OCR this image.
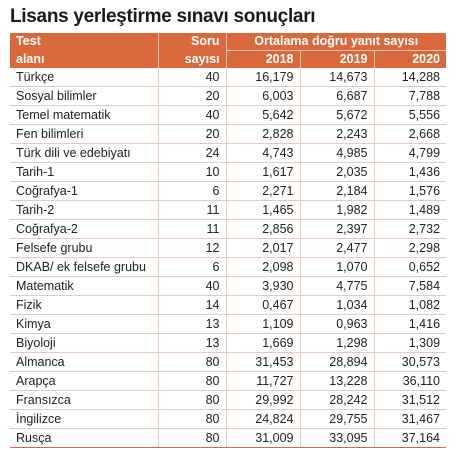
Lisans yerleştirme sınavı sonuçları
Test	Soru	Ortalama doğru yanıt sayısı		
alanı	sayısı	2018	2019	2020
Türkçe	40	16,179	14,673	14,288
Sosyal bilimler	20	6,003	6,687	7,788
Temel matematik	40	5,642	5,672	5,556
Fen bilimleri	20	2,828	2,243	2,668
Türk dili ve edebiyatı	24	4,743	4,985	4,799
Tarih-1	10	1,617	2,035	1,436
Coğrafya-1	6	2,271	2,184	1,576
Tarih-2	11	1,465	1,982	1,489
Coğrafya-2	11	2,856	2,397	2,732
Felsefe grubu	12	2,017	2,477	2,298
DKAB/ ek felsefe grubu	6	2,098	1,070	0,652
Matematik	40	3,930	4,775	7,584
Fizik	14	0,467	1,034	1,082
Kimya	13	1,109	0,963	1,416
Biyoloji	13	1,669	1,298	1,309
Almanca	80	31,453	28,894	30,573
Arapça	80	11,727	13,228	36,110
Fransızca	80	29,992	28,242	31,512
İngilizce	80	24,824	29,755	31,467
Rusça	80	31,009	33,095	37,164
